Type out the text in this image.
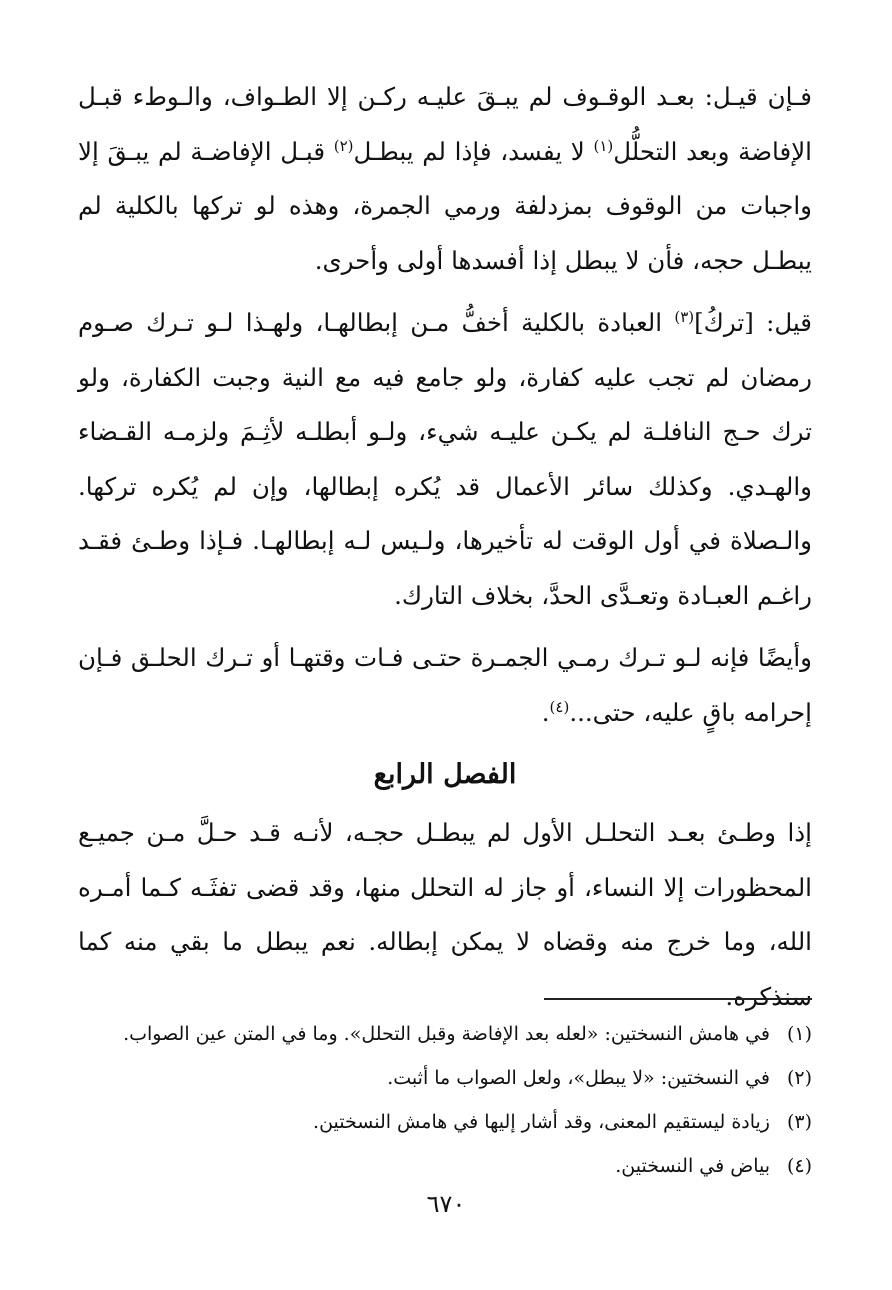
فـإن قيـل: بعـد الوقـوف لم يبـقَ عليـه ركـن إلا الطـواف، والـوطء قبـل الإفاضة وبعد التحلُّل$^{(١)}$ لا يفسد، فإذا لم يبطـل$^{(٢)}$ قبـل الإفاضـة لم يبـقَ إلا واجبات من الوقوف بمزدلفة ورمي الجمرة، وهذه لو تركها بالكلية لم يبطـل حجه، فأن لا يبطل إذا أفسدها أولى وأحرى.

قيل: [تركُ]$^{(٣)}$ العبادة بالكلية أخفُّ مـن إبطالهـا، ولهـذا لـو تـرك صـوم رمضان لم تجب عليه كفارة، ولو جامع فيه مع النية وجبت الكفارة، ولو ترك حـج النافلـة لم يكـن عليـه شيء، ولـو أبطلـه لأثِـمَ ولزمـه القـضاء والهـدي. وكذلك سائر الأعمال قد يُكره إبطالها، وإن لم يُكره تركها. والـصلاة في أول الوقت له تأخيرها، ولـيس لـه إبطالهـا. فـإذا وطـئ فقـد راغـم العبـادة وتعـدَّى الحدَّ، بخلاف التارك.

وأيضًا فإنه لـو تـرك رمـي الجمـرة حتـى فـات وقتهـا أو تـرك الحلـق فـإن إحرامه باقٍ عليه، حتى...$^{(٤)}$.

الفصل الرابع

إذا وطـئ بعـد التحلـل الأول لم يبطـل حجـه، لأنـه قـد حـلَّ مـن جميـع المحظورات إلا النساء، أو جاز له التحلل منها، وقد قضى تفثَـه كـما أمـره الله، وما خرج منه وقضاه لا يمكن إبطاله. نعم يبطل ما بقي منه كما سنذكره.

(١)
في هامش النسختين: «لعله بعد الإفاضة وقبل التحلل». وما في المتن عين الصواب.
(٢)
في النسختين: «لا يبطل»، ولعل الصواب ما أثبت.
(٣)
زيادة ليستقيم المعنى، وقد أشار إليها في هامش النسختين.
(٤)
بياض في النسختين.
٦٧٠
